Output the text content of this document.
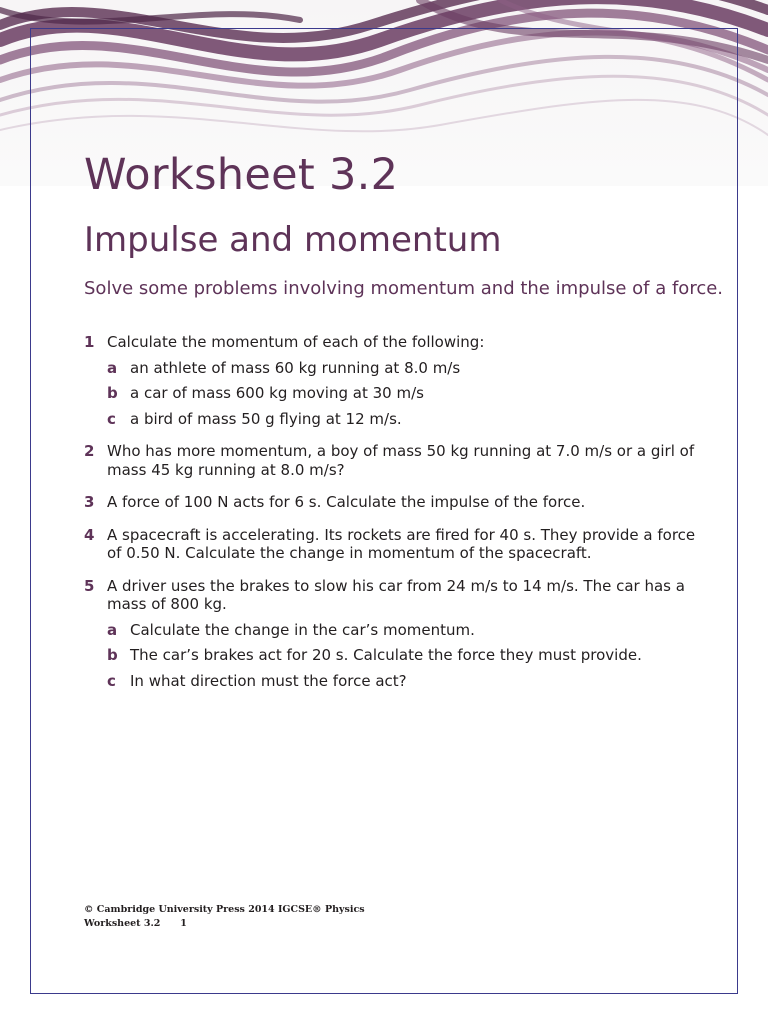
Worksheet 3.2
Impulse and momentum

Solve some problems involving momentum and the impulse of a force.

1 Calculate the momentum of each of the following:
a an athlete of mass 60 kg running at 8.0 m/s
b a car of mass 600 kg moving at 30 m/s
c a bird of mass 50 g flying at 12 m/s.
2 Who has more momentum, a boy of mass 50 kg running at 7.0 m/s or a girl of mass 45 kg running at 8.0 m/s?
3 A force of 100 N acts for 6 s. Calculate the impulse of the force.
4 A spacecraft is accelerating. Its rockets are fired for 40 s. They provide a force of 0.50 N. Calculate the change in momentum of the spacecraft.
5 A driver uses the brakes to slow his car from 24 m/s to 14 m/s. The car has a mass of 800 kg.
a Calculate the change in the car’s momentum.
b The car’s brakes act for 20 s. Calculate the force they must provide.
c In what direction must the force act?
© Cambridge University Press 2014 IGCSE® Physics
Worksheet 3.2 1
